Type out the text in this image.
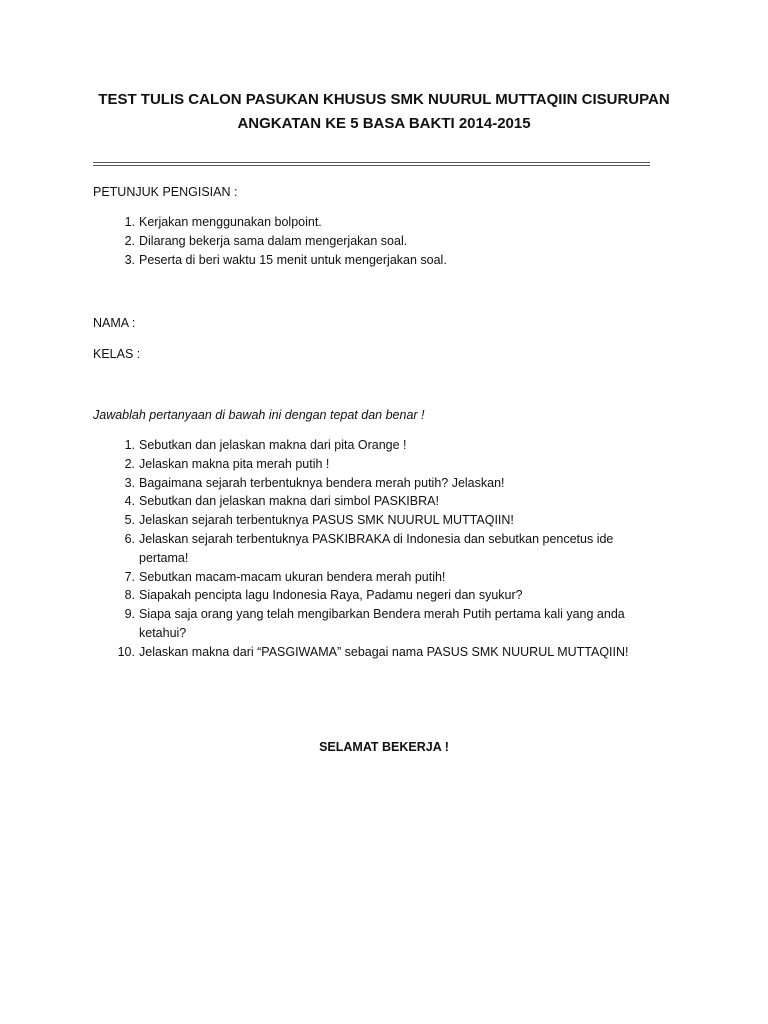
TEST TULIS CALON PASUKAN KHUSUS SMK NUURUL MUTTAQIIN CISURUPAN
ANGKATAN KE 5 BASA BAKTI 2014-2015
PETUNJUK PENGISIAN :
1. Kerjakan menggunakan bolpoint.
2. Dilarang bekerja sama dalam mengerjakan soal.
3. Peserta di beri waktu 15 menit untuk mengerjakan soal.
NAMA :
KELAS :
Jawablah pertanyaan di bawah ini dengan tepat dan benar !
1. Sebutkan dan jelaskan makna dari pita Orange !
2. Jelaskan makna pita merah putih !
3. Bagaimana sejarah terbentuknya bendera merah putih? Jelaskan!
4. Sebutkan dan jelaskan makna dari simbol PASKIBRA!
5. Jelaskan sejarah terbentuknya PASUS SMK NUURUL MUTTAQIIN!
6. Jelaskan sejarah terbentuknya PASKIBRAKA di Indonesia dan sebutkan pencetus ide pertama!
7. Sebutkan macam-macam ukuran bendera merah putih!
8. Siapakah pencipta lagu Indonesia Raya, Padamu negeri dan syukur?
9. Siapa saja orang yang telah mengibarkan Bendera merah Putih pertama kali yang anda ketahui?
10. Jelaskan makna dari “PASGIWAMA” sebagai nama PASUS SMK NUURUL MUTTAQIIN!
SELAMAT BEKERJA !
